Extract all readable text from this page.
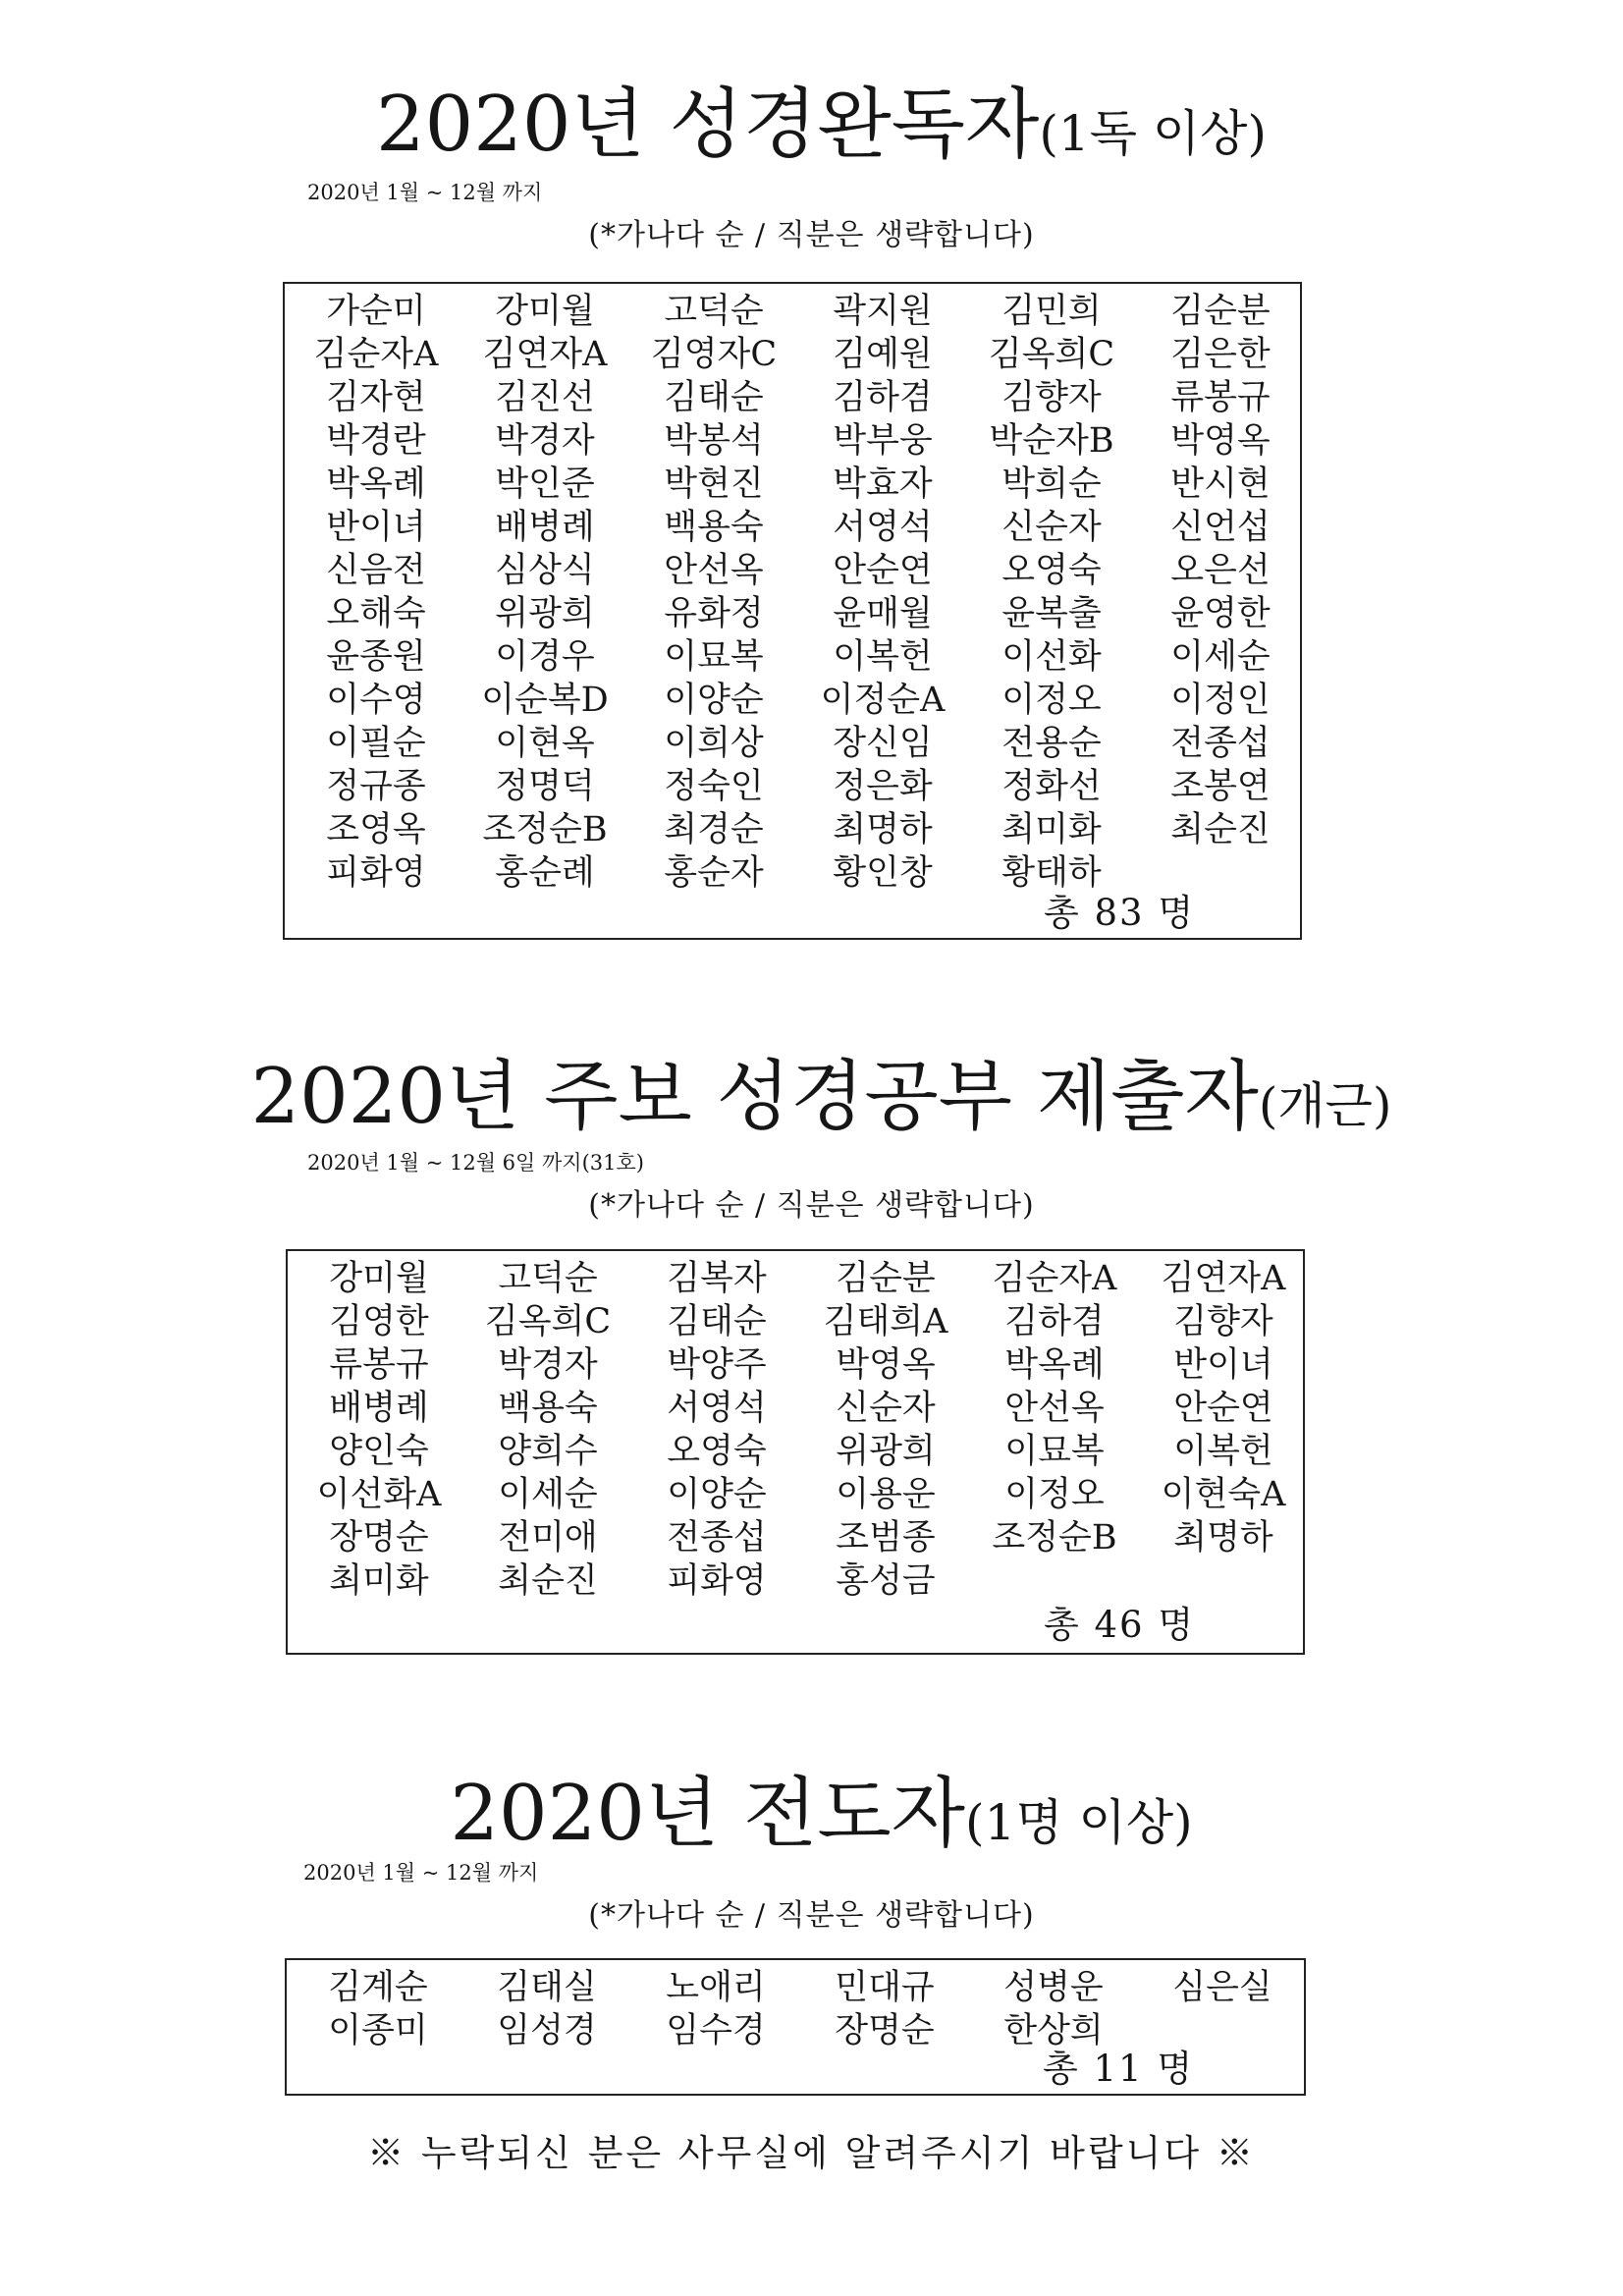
2020년 성경완독자(1독 이상)
2020년 1월 ~ 12월 까지
(*가나다 순 / 직분은 생략합니다)
가순미	강미월	고덕순	곽지원	김민희	김순분
김순자A	김연자A	김영자C	김예원	김옥희C	김은한
김자현	김진선	김태순	김하겸	김향자	류봉규
박경란	박경자	박봉석	박부웅	박순자B	박영옥
박옥례	박인준	박현진	박효자	박희순	반시현
반이녀	배병례	백용숙	서영석	신순자	신언섭
신음전	심상식	안선옥	안순연	오영숙	오은선
오해숙	위광희	유화정	윤매월	윤복출	윤영한
윤종원	이경우	이묘복	이복헌	이선화	이세순
이수영	이순복D	이양순	이정순A	이정오	이정인
이필순	이현옥	이희상	장신임	전용순	전종섭
정규종	정명덕	정숙인	정은화	정화선	조봉연
조영옥	조정순B	최경순	최명하	최미화	최순진
피화영	홍순례	홍순자	황인창	황태하
총 83 명
2020년 주보 성경공부 제출자(개근)
2020년 1월 ~ 12월 6일 까지(31호)
(*가나다 순 / 직분은 생략합니다)
강미월	고덕순	김복자	김순분	김순자A	김연자A
김영한	김옥희C	김태순	김태희A	김하겸	김향자
류봉규	박경자	박양주	박영옥	박옥례	반이녀
배병례	백용숙	서영석	신순자	안선옥	안순연
양인숙	양희수	오영숙	위광희	이묘복	이복헌
이선화A	이세순	이양순	이용운	이정오	이현숙A
장명순	전미애	전종섭	조범종	조정순B	최명하
최미화	최순진	피화영	홍성금
총 46 명
2020년 전도자(1명 이상)
2020년 1월 ~ 12월 까지
(*가나다 순 / 직분은 생략합니다)
김계순	김태실	노애리	민대규	성병운	심은실
이종미	임성경	임수경	장명순	한상희
총 11 명
※ 누락되신 분은 사무실에 알려주시기 바랍니다 ※
